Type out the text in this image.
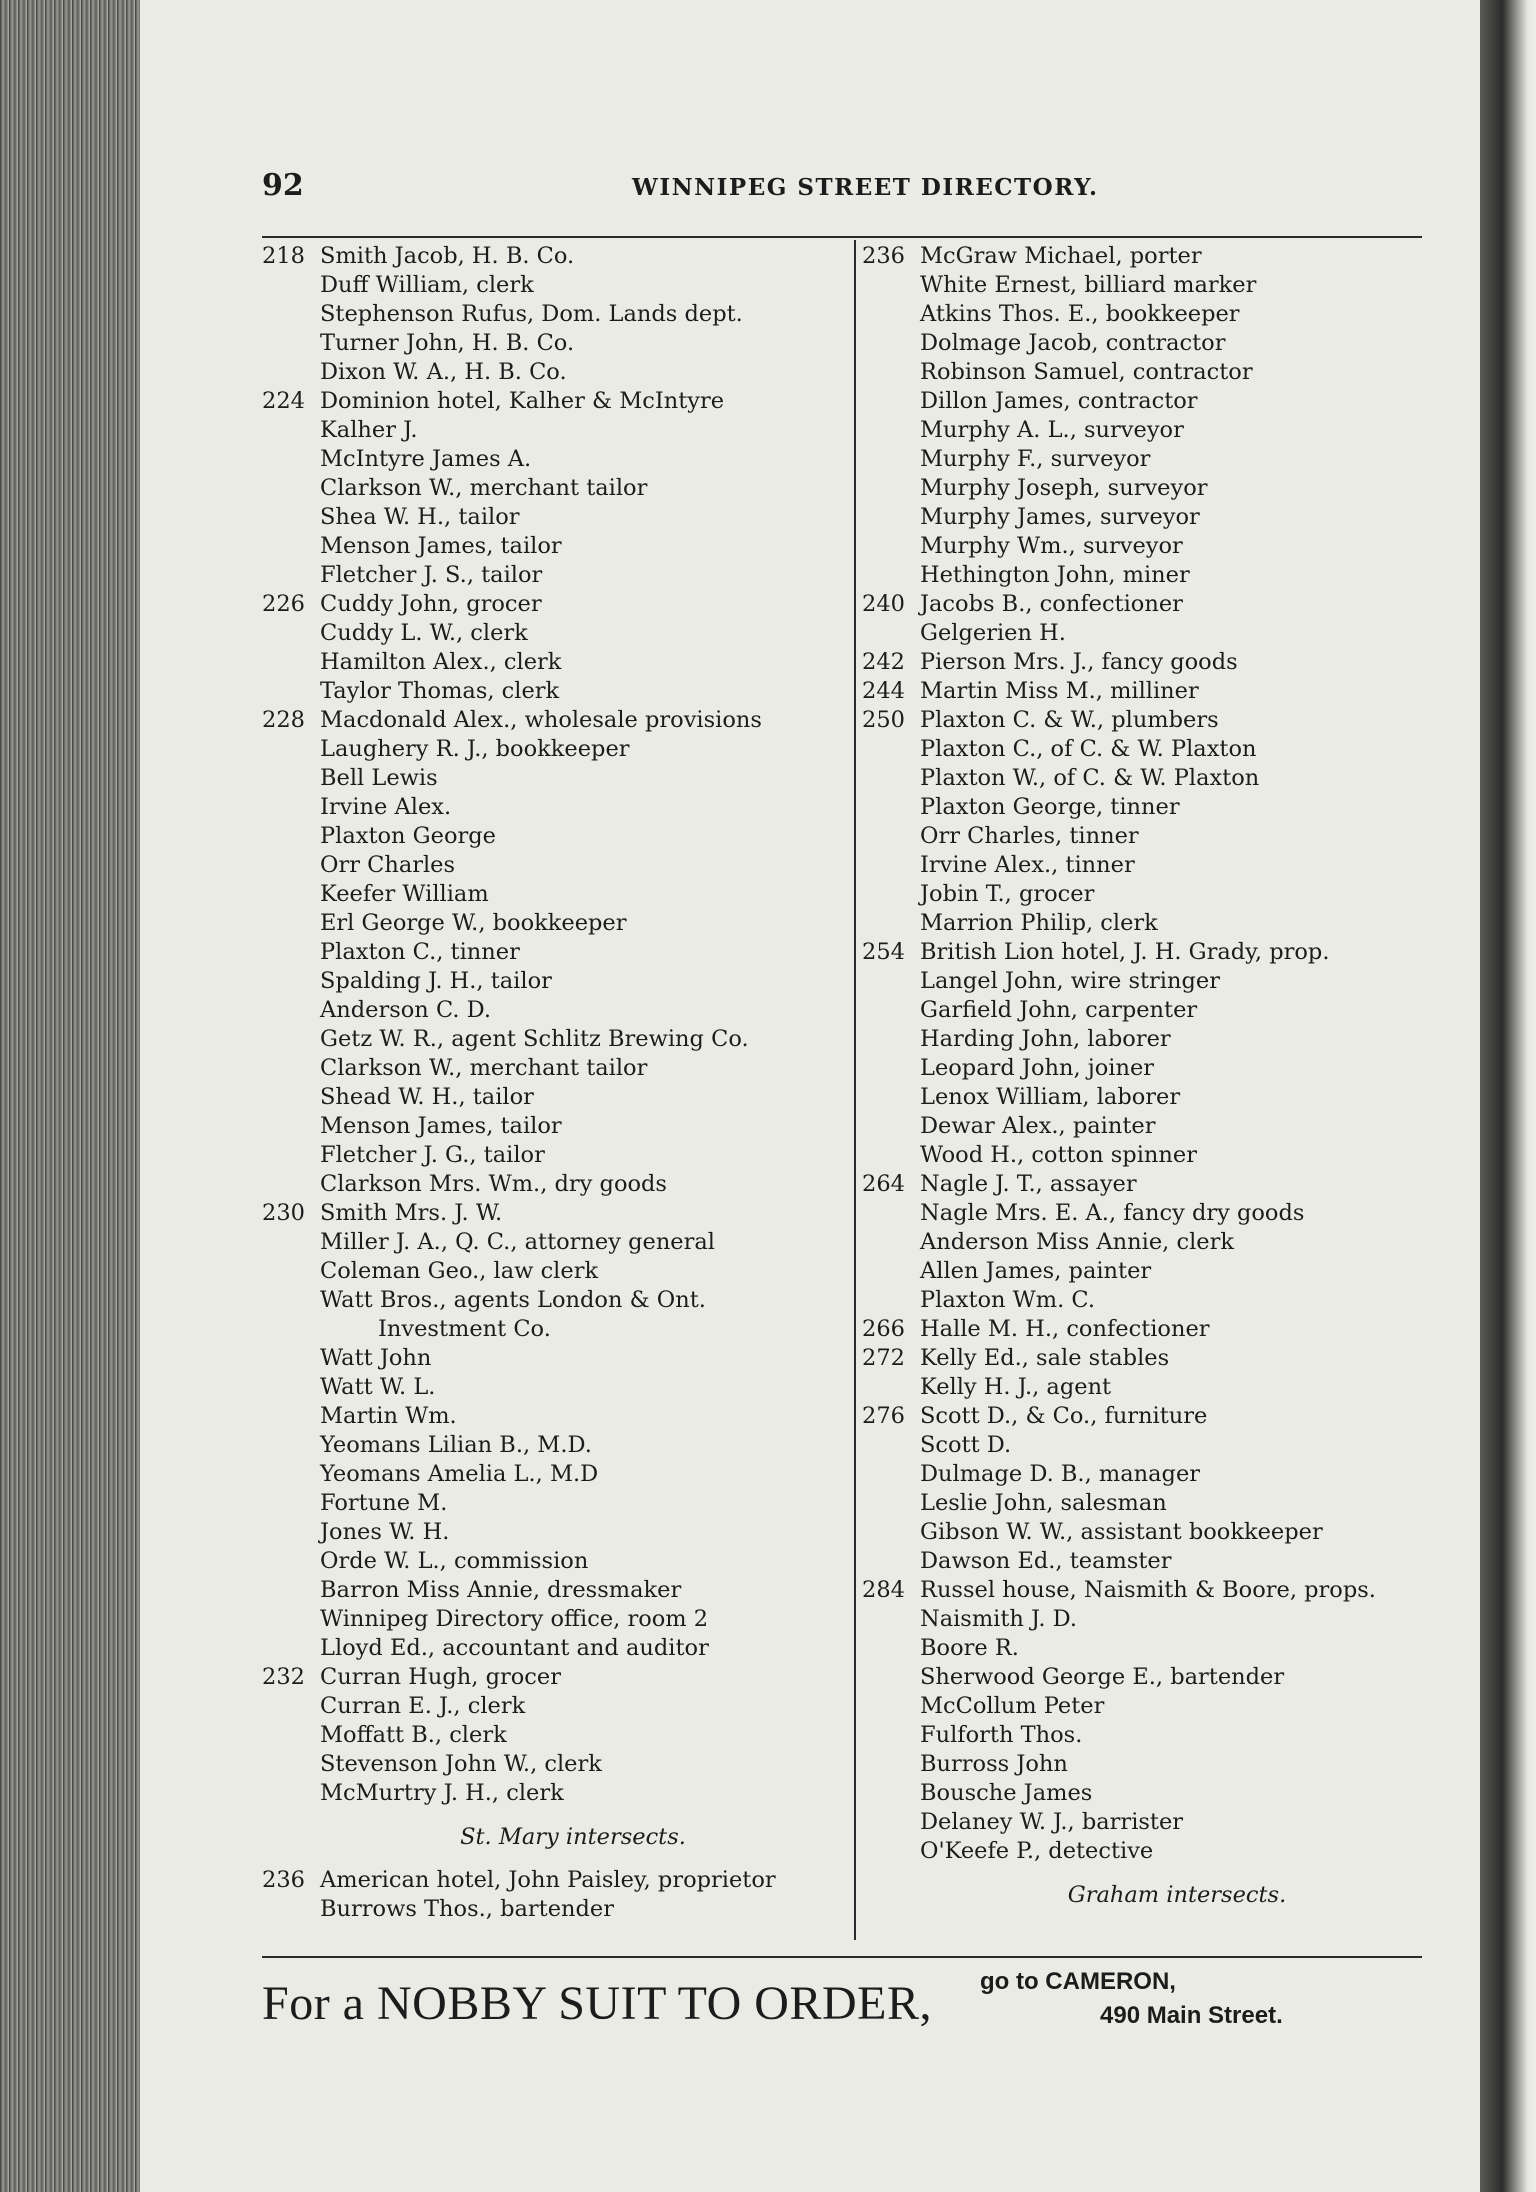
92	WINNIPEG STREET DIRECTORY.
218 Smith Jacob, H. B. Co.
Duff William, clerk
Stephenson Rufus, Dom. Lands dept.
Turner John, H. B. Co.
Dixon W. A., H. B. Co.
224 Dominion hotel, Kalher & McIntyre
Kalher J.
McIntyre James A.
Clarkson W., merchant tailor
Shea W. H., tailor
Menson James, tailor
Fletcher J. S., tailor
226 Cuddy John, grocer
Cuddy L. W., clerk
Hamilton Alex., clerk
Taylor Thomas, clerk
228 Macdonald Alex., wholesale provisions
Laughery R. J., bookkeeper
Bell Lewis
Irvine Alex.
Plaxton George
Orr Charles
Keefer William
Erl George W., bookkeeper
Plaxton C., tinner
Spalding J. H., tailor
Anderson C. D.
Getz W. R., agent Schlitz Brewing Co.
Clarkson W., merchant tailor
Shead W. H., tailor
Menson James, tailor
Fletcher J. G., tailor
Clarkson Mrs. Wm., dry goods
230 Smith Mrs. J. W.
Miller J. A., Q. C., attorney general
Coleman Geo., law clerk
Watt Bros., agents London & Ont.
Investment Co.
Watt John
Watt W. L.
Martin Wm.
Yeomans Lilian B., M.D.
Yeomans Amelia L., M.D
Fortune M.
Jones W. H.
Orde W. L., commission
Barron Miss Annie, dressmaker
Winnipeg Directory office, room 2
Lloyd Ed., accountant and auditor
232 Curran Hugh, grocer
Curran E. J., clerk
Moffatt B., clerk
Stevenson John W., clerk
McMurtry J. H., clerk
St. Mary intersects.
236 American hotel, John Paisley, proprietor
Burrows Thos., bartender
236 McGraw Michael, porter
White Ernest, billiard marker
Atkins Thos. E., bookkeeper
Dolmage Jacob, contractor
Robinson Samuel, contractor
Dillon James, contractor
Murphy A. L., surveyor
Murphy F., surveyor
Murphy Joseph, surveyor
Murphy James, surveyor
Murphy Wm., surveyor
Hethington John, miner
240 Jacobs B., confectioner
Gelgerien H.
242 Pierson Mrs. J., fancy goods
244 Martin Miss M., milliner
250 Plaxton C. & W., plumbers
Plaxton C., of C. & W. Plaxton
Plaxton W., of C. & W. Plaxton
Plaxton George, tinner
Orr Charles, tinner
Irvine Alex., tinner
Jobin T., grocer
Marrion Philip, clerk
254 British Lion hotel, J. H. Grady, prop.
Langel John, wire stringer
Garfield John, carpenter
Harding John, laborer
Leopard John, joiner
Lenox William, laborer
Dewar Alex., painter
Wood H., cotton spinner
264 Nagle J. T., assayer
Nagle Mrs. E. A., fancy dry goods
Anderson Miss Annie, clerk
Allen James, painter
Plaxton Wm. C.
266 Halle M. H., confectioner
272 Kelly Ed., sale stables
Kelly H. J., agent
276 Scott D., & Co., furniture
Scott D.
Dulmage D. B., manager
Leslie John, salesman
Gibson W. W., assistant bookkeeper
Dawson Ed., teamster
284 Russel house, Naismith & Boore, props.
Naismith J. D.
Boore R.
Sherwood George E., bartender
McCollum Peter
Fulforth Thos.
Burross John
Bousche James
Delaney W. J., barrister
O'Keefe P., detective
Graham intersects.
For a NOBBY SUIT TO ORDER, go to CAMERON,
490 Main Street.
